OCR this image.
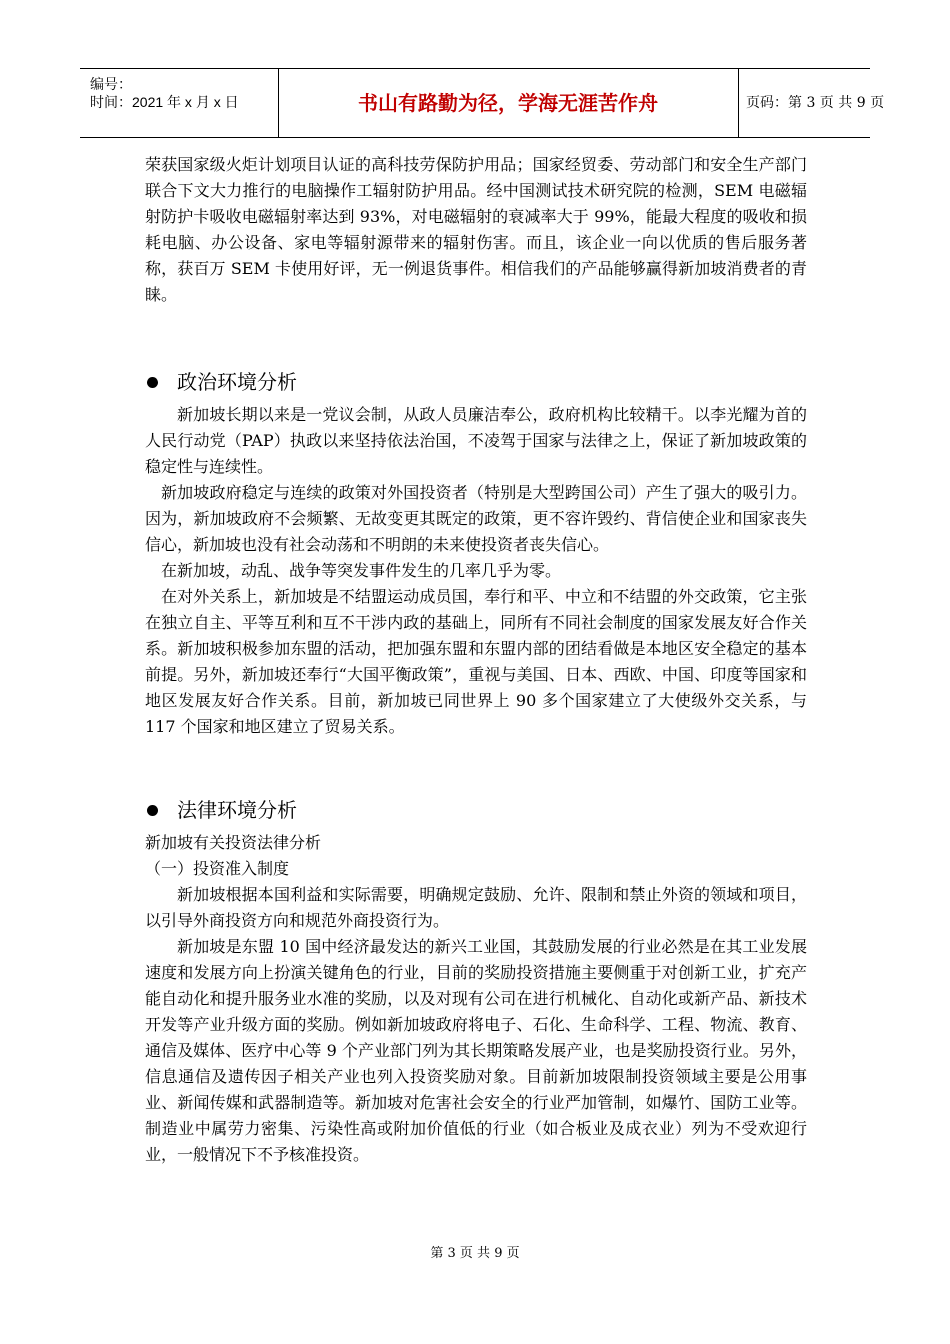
编号：
时间：2021 年 x 月 x 日	书山有路勤为径，学海无涯苦作舟	页码：第 3 页 共 9 页

荣获国家级火炬计划项目认证的高科技劳保防护用品；国家经贸委、劳动部门和安全生产部门联合下文大力推行的电脑操作工辐射防护用品。经中国测试技术研究院的检测，SEM 电磁辐射防护卡吸收电磁辐射率达到 93%，对电磁辐射的衰减率大于 99%，能最大程度的吸收和损耗电脑、办公设备、家电等辐射源带来的辐射伤害。而且，该企业一向以优质的售后服务著称，获百万 SEM 卡使用好评，无一例退货事件。相信我们的产品能够赢得新加坡消费者的青睐。

政治环境分析

新加坡长期以来是一党议会制，从政人员廉洁奉公，政府机构比较精干。以李光耀为首的人民行动党（PAP）执政以来坚持依法治国，不凌驾于国家与法律之上，保证了新加坡政策的稳定性与连续性。

新加坡政府稳定与连续的政策对外国投资者（特别是大型跨国公司）产生了强大的吸引力。因为，新加坡政府不会频繁、无故变更其既定的政策，更不容许毁约、背信使企业和国家丧失信心，新加坡也没有社会动荡和不明朗的未来使投资者丧失信心。

在新加坡，动乱、战争等突发事件发生的几率几乎为零。

在对外关系上，新加坡是不结盟运动成员国，奉行和平、中立和不结盟的外交政策，它主张在独立自主、平等互利和互不干涉内政的基础上，同所有不同社会制度的国家发展友好合作关系。新加坡积极参加东盟的活动，把加强东盟和东盟内部的团结看做是本地区安全稳定的基本前提。另外，新加坡还奉行“大国平衡政策”，重视与美国、日本、西欧、中国、印度等国家和地区发展友好合作关系。目前，新加坡已同世界上 90 多个国家建立了大使级外交关系，与 117 个国家和地区建立了贸易关系。

法律环境分析

新加坡有关投资法律分析

（一）投资准入制度

新加坡根据本国利益和实际需要，明确规定鼓励、允许、限制和禁止外资的领域和项目，以引导外商投资方向和规范外商投资行为。

新加坡是东盟 10 国中经济最发达的新兴工业国，其鼓励发展的行业必然是在其工业发展速度和发展方向上扮演关键角色的行业，目前的奖励投资措施主要侧重于对创新工业，扩充产能自动化和提升服务业水准的奖励，以及对现有公司在进行机械化、自动化或新产品、新技术开发等产业升级方面的奖励。例如新加坡政府将电子、石化、生命科学、工程、物流、教育、通信及媒体、医疗中心等 9 个产业部门列为其长期策略发展产业，也是奖励投资行业。另外，信息通信及遗传因子相关产业也列入投资奖励对象。目前新加坡限制投资领域主要是公用事业、新闻传媒和武器制造等。新加坡对危害社会安全的行业严加管制，如爆竹、国防工业等。制造业中属劳力密集、污染性高或附加价值低的行业（如合板业及成衣业）列为不受欢迎行业，一般情况下不予核准投资。

第 3 页 共 9 页
